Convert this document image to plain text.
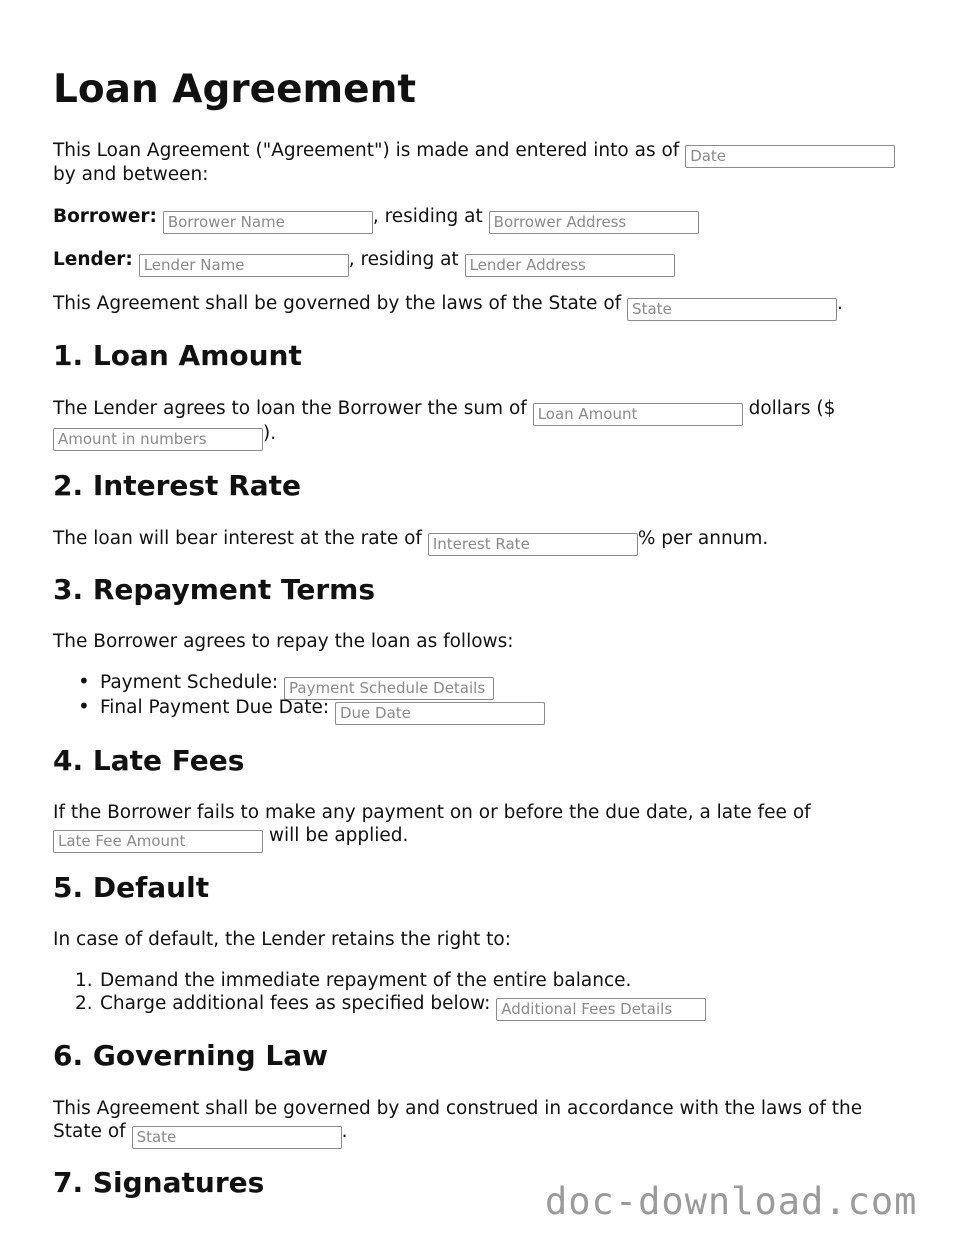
Loan Agreement
This Loan Agreement ("Agreement") is made and entered into as of Date
by and between:
Borrower: Borrower Name	, residing at Borrower Address
Lender: Lender Name	, residing at Lender Address
This Agreement shall be governed by the laws of the State of State	.
1. Loan Amount
The Lender agrees to loan the Borrower the sum of Loan Amount	dollars ($
Amount in numbers).
2. Interest Rate
The loan will bear interest at the rate of Interest Rate	% per annum.
3. Repayment Terms
The Borrower agrees to repay the loan as follows:
• Payment Schedule: Payment Schedule Details
• Final Payment Due Date: Due Date
4. Late Fees
If the Borrower fails to make any payment on or before the due date, a late fee of
Late Fee Amount will be applied.
5. Default
In case of default, the Lender retains the right to:
1. Demand the immediate repayment of the entire balance.
2. Charge additional fees as specified below: Additional Fees Details
6. Governing Law
This Agreement shall be governed by and construed in accordance with the laws of the
State of State	.
7. Signatures	doc-download.com
